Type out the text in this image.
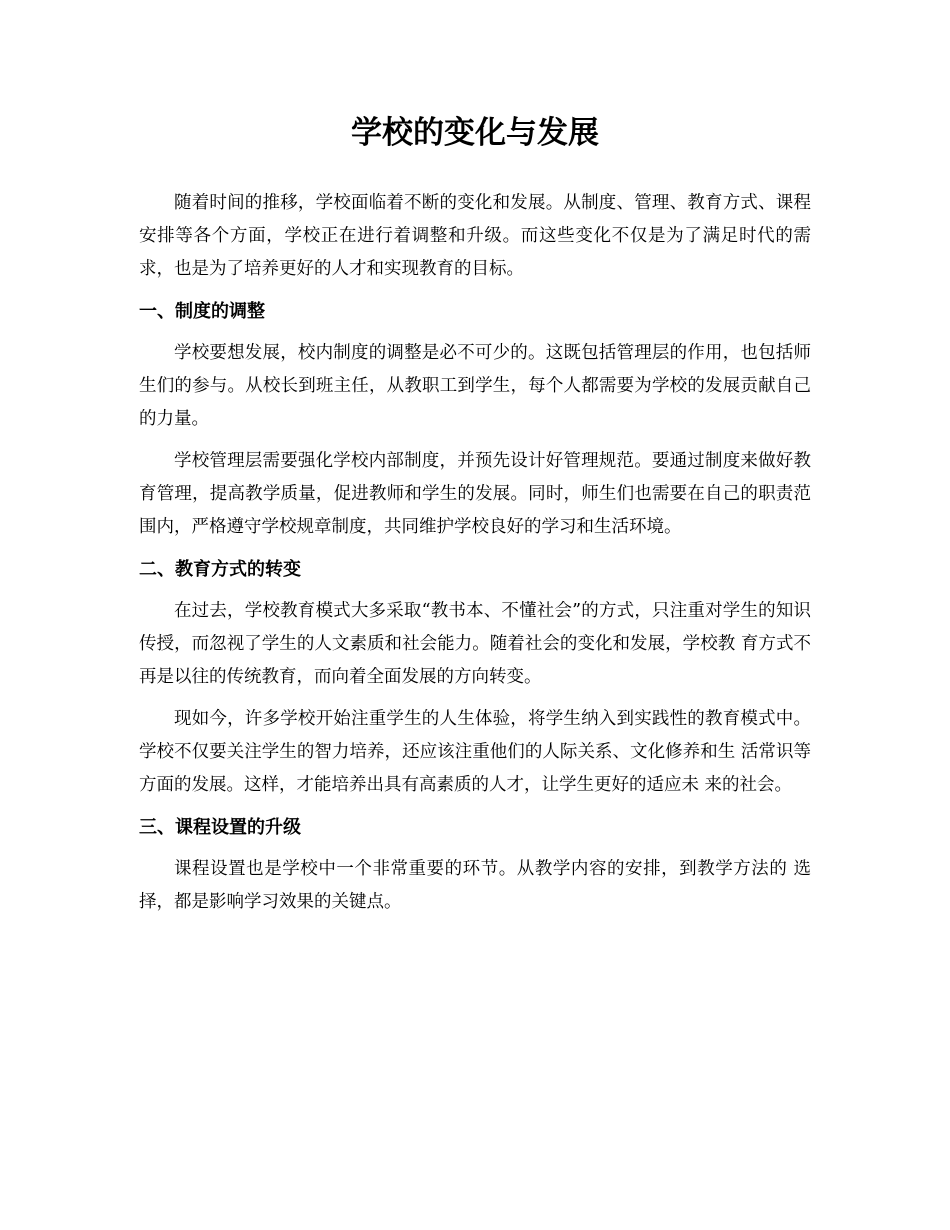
学校的变化与发展

随着时间的推移，学校面临着不断的变化和发展。从制度、管理、教育方式、课程安排等各个方面，学校正在进行着调整和升级。而这些变化不仅是为了满足时代的需求，也是为了培养更好的人才和实现教育的目标。

一、制度的调整

学校要想发展，校内制度的调整是必不可少的。这既包括管理层的作用，也包括师生们的参与。从校长到班主任，从教职工到学生，每个人都需要为学校的发展贡献自己的力量。

学校管理层需要强化学校内部制度，并预先设计好管理规范。要通过制度来做好教育管理，提高教学质量，促进教师和学生的发展。同时，师生们也需要在自己的职责范围内，严格遵守学校规章制度，共同维护学校良好的学习和生活环境。

二、教育方式的转变

在过去，学校教育模式大多采取“教书本、不懂社会”的方式，只注重对学生的知识传授，而忽视了学生的人文素质和社会能力。随着社会的变化和发展，学校教 育方式不再是以往的传统教育，而向着全面发展的方向转变。

现如今，许多学校开始注重学生的人生体验，将学生纳入到实践性的教育模式中。学校不仅要关注学生的智力培养，还应该注重他们的人际关系、文化修养和生 活常识等方面的发展。这样，才能培养出具有高素质的人才，让学生更好的适应未 来的社会。

三、课程设置的升级

课程设置也是学校中一个非常重要的环节。从教学内容的安排，到教学方法的 选择，都是影响学习效果的关键点。
